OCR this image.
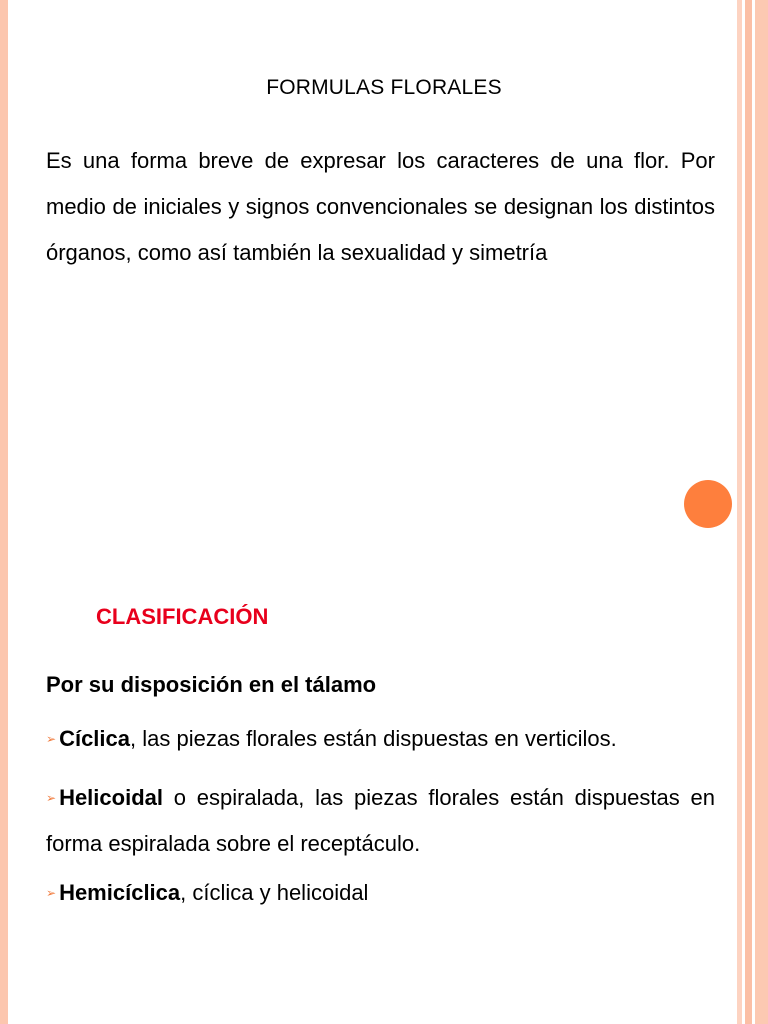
FORMULAS FLORALES

Es una forma breve de expresar los caracteres de una flor. Por medio de iniciales y signos convencionales se designan los distintos órganos, como así también la sexualidad y simetría

CLASIFICACIÓN
Por su disposición en el tálamo

➢ Cíclica, las piezas florales están dispuestas en verticilos.

➢ Helicoidal o espiralada, las piezas florales están dispuestas en forma espiralada sobre el receptáculo.

➢ Hemicíclica, cíclica y helicoidal
